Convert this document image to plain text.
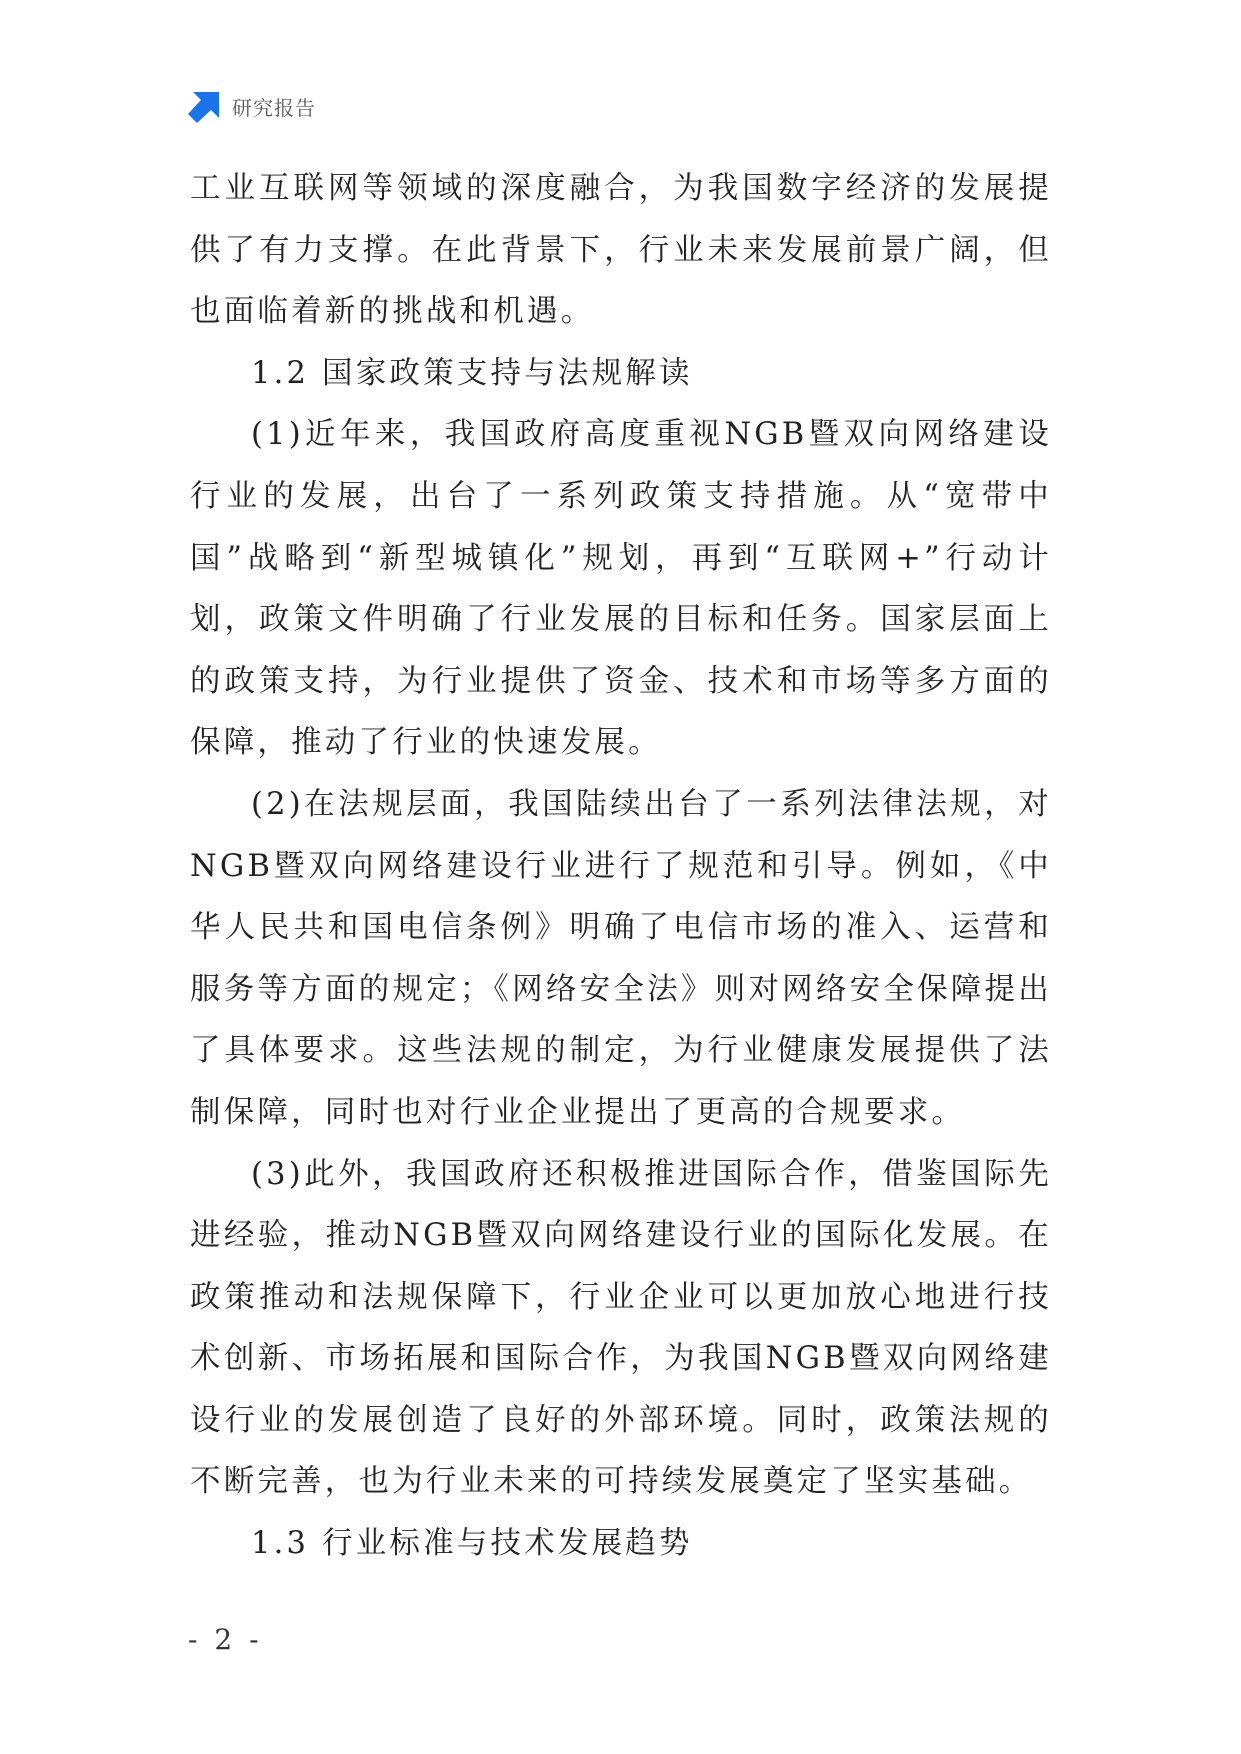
研究报告

工业互联网等领域的深度融合，为我国数字经济的发展提供了有力支撑。在此背景下，行业未来发展前景广阔，但也面临着新的挑战和机遇。

1.2 国家政策支持与法规解读

(1)近年来，我国政府高度重视NGB暨双向网络建设行业的发展，出台了一系列政策支持措施。从“宽带中国”战略到“新型城镇化”规划，再到“互联网+”行动计划，政策文件明确了行业发展的目标和任务。国家层面上的政策支持，为行业提供了资金、技术和市场等多方面的保障，推动了行业的快速发展。

(2)在法规层面，我国陆续出台了一系列法律法规，对NGB暨双向网络建设行业进行了规范和引导。例如，《中华人民共和国电信条例》明确了电信市场的准入、运营和服务等方面的规定；《网络安全法》则对网络安全保障提出了具体要求。这些法规的制定，为行业健康发展提供了法制保障，同时也对行业企业提出了更高的合规要求。

(3)此外，我国政府还积极推进国际合作，借鉴国际先进经验，推动NGB暨双向网络建设行业的国际化发展。在政策推动和法规保障下，行业企业可以更加放心地进行技术创新、市场拓展和国际合作，为我国NGB暨双向网络建设行业的发展创造了良好的外部环境。同时，政策法规的不断完善，也为行业未来的可持续发展奠定了坚实基础。

1.3 行业标准与技术发展趋势

- 2 -
